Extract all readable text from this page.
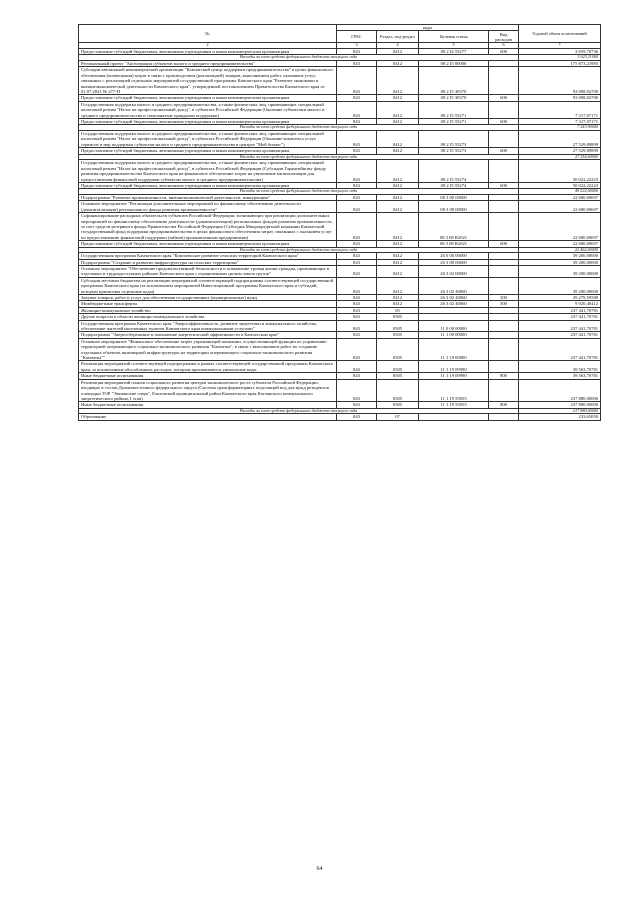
№	коды				Годовой объем ассигнований
	ГРБС	Раздел, под-раздел	Целевая статья	Вид расходов	
2	3	4	5	6	7
Предоставление субсидий бюджетным, автономным учреждениям и иным некоммерческим организациям	843	0412	08 2 I4 55277	600	3 659,70736
Расходы за счет средств федерального бюджета текущего года					3 623,11000
Региональный проект "Акселерация субъектов малого и среднего предпринимательства"	843	0412	08 2 I5 00000		175 873,21983
Субсидии автономной некоммерческой организации "Камчатский центр поддержки предпринимательства" в целях финансового обеспечения (возмещения) затрат в связи с производством (реализацией) товаров, выполнением работ, оказанием услуг, связанных с реализацией отдельных мероприятий государственной программы Камчатского края "Развитие экономики и внешнеэкономической деятельности Камчатского края", утвержденной постановлением Правительства Камчатского края от 01.07.2021 № 277-П	843	0412	08 2 I5 30370		93 008,02700
Предоставление субсидий бюджетным, автономным учреждениям и иным некоммерческим организациям	843	0412	08 2 I5 30370	600	93 008,02700
Государственная поддержка малого и среднего предпринимательства, а также физических лиц, применяющих специальный налоговый режим "Налог на профессиональный доход", в субъектах Российской Федерации (Оказание субъектами малого и среднего предпринимательства и самозанятым гражданам поддержки)	843	0412	08 2 I5 55271		7 317,07171
Предоставление субсидий бюджетным, автономным учреждениям и иным некоммерческим организациям	843	0412	08 2 I5 55271	600	7 317,07171
Расходы за счет средств федерального бюджета текущего года					7 243,90000
Государственная поддержка малого и среднего предпринимательства, а также физических лиц, применяющих специальный налоговый режим "Налог на профессиональный доход", в субъектах Российской Федерации (Оказание комплекса услуг, сервисов и мер поддержки субъектам малого и среднего предпринимательства в центрах "Мой бизнес")	843	0412	08 2 I5 55273		27 529,89899
Предоставление субсидий бюджетным, автономным учреждениям и иным некоммерческим организациям	843	0412	08 2 I5 55273	600	27 529,89899
Расходы за счет средств федерального бюджета текущего года					27 254,60000
Государственная поддержка малого и среднего предпринимательства, а также физических лиц, применяющих специальный налоговый режим "Налог на профессиональный доход", в субъектах Российской Федерации (Субсидии Гарантийному фонду развития предпринимательства Камчатского края на финансовое обеспечение затрат на увеличение капитализации для предоставления финансовой поддержки субъектам малого и среднего предпринимательства)	843	0412	08 2 I5 55274		50 022,22223
Предоставление субсидий бюджетным, автономным учреждениям и иным некоммерческим организациям	843	0412	08 2 I5 55274	600	50 022,22223
Расходы за счет средств федерального бюджета текущего года					49 522,00000
Подпрограмма "Развитие промышленности, внешнеэкономической деятельности, конкуренции"	843	0412	08 3 00 00000		22 680,69697
Основное мероприятие "Реализация дополнительных мероприятий по финансовому обеспечению деятельности (докапитализации) регионального фонда развития промышленности"	843	0412	08 3 08 00000		22 680,69697
Софинансирование расходных обязательств субъектов Российской Федерации, возникающих при реализации дополнительных мероприятий по финансовому обеспечению деятельности (докапитализации) региональных фондов развития промышленности, за счет средств резервного фонда Правительства Российской Федерации (Субсидия Микрокредитной компании Камчатский государственный фонд поддержки предпринимательства в целях финансового обеспечения затрат, связанных с оказанием услуг по предоставлению финансовой поддержки (займов) промышленным предприятиям)	843	0412	08 3 08 R2021		22 680,69697
Предоставление субсидий бюджетным, автономным учреждениям и иным некоммерческим организациям	843	0412	08 3 08 R2021	600	22 680,69697
Расходы за счет средств федерального бюджета текущего года					22 462,00000
Государственная программа Камчатского края "Комплексное развитие сельских территорий Камчатского края"	843	0412	26 0 00 00000		39 200,00000
Подпрограмма "Создание и развитие инфраструктуры на сельских территориях"	843	0412	26 3 00 00000		39 200,00000
Основное мероприятие "Обеспечение продовольственной безопасности и повышение уровня жизни граждан, проживающих в отдельных и труднодоступных районах Камчатского края с ограниченным сроком завоза грузов"	843	0412	26 3 02 00000		39 200,00000
Субсидии местным бюджетам на реализацию мероприятий соответствующей подпрограммы соответствующей государственной программы Камчатского края (за исключением мероприятий Инвестиционной программы Камчатского края и субсидий, которым присвоены отдельные коды)	843	0412	26 3 02 40060		39 200,00000
Закупка товаров, работ и услуг для обеспечения государственных (муниципальных) нужд	843	0412	26 3 02 40060	200	29 279,59588
Межбюджетные трансферты	843	0412	26 3 02 40060	500	9 920,40412
Жилищно-коммунальное хозяйство	843	05			237 441,70781
Другие вопросы в области жилищно-коммунального хозяйства	843	0505			237 441,70781
Государственная программа Камчатского края "Энергоэффективность, развитие энергетики и коммунального хозяйства, обеспечение жителей населенных пунктов Камчатского края коммунальными услугами"	843	0505	11 0 00 00000		237 441,70781
Подпрограмма "Энергосбережение и повышение энергетической эффективности в Камчатском крае"	843	0505	11 1 00 00000		237 441,70781
Основное мероприятие "Финансовое обеспечение затрат управляющей компании, осуществляющей функции по управлению территорией опережающего социально-экономического развития "Камчатка", в связи с выполнением работ по созданию отдельных объектов инженерной инфраструктуры на территории опережающего социально-экономического развития "Камчатка""	843	0505	11 1 19 00000		237 441,70781
Реализация мероприятий соответствующей подпрограммы в рамках соответствующей государственной программы Камчатского края, за исключением обособленных расходов, которым присваиваются уникальные коды	843	0505	11 1 19 09990		39 563,70781
Иные бюджетные ассигнования	843	0505	11 1 19 09990	800	39 563,70781
Реализация мероприятий планов социального развития центров экономического роста субъектов Российской Федерации, входящих в состав Дальневосточного федерального округа (Система трансформаторных подстанций вод для нужд резидентов площадки ТОР "Эвтнанские озера", Елизовский муниципальный район Камчатского края Катчанского коммунального энергетического района, I этап)	843	0505	11 1 19 55055		237 880,00000
Иные бюджетные ассигнования	843	0505	11 1 19 55055	800	237 880,00000
Расходы за счет средств федерального бюджета текущего года					217 880,00000
Образование	843	07			233,65050
64
